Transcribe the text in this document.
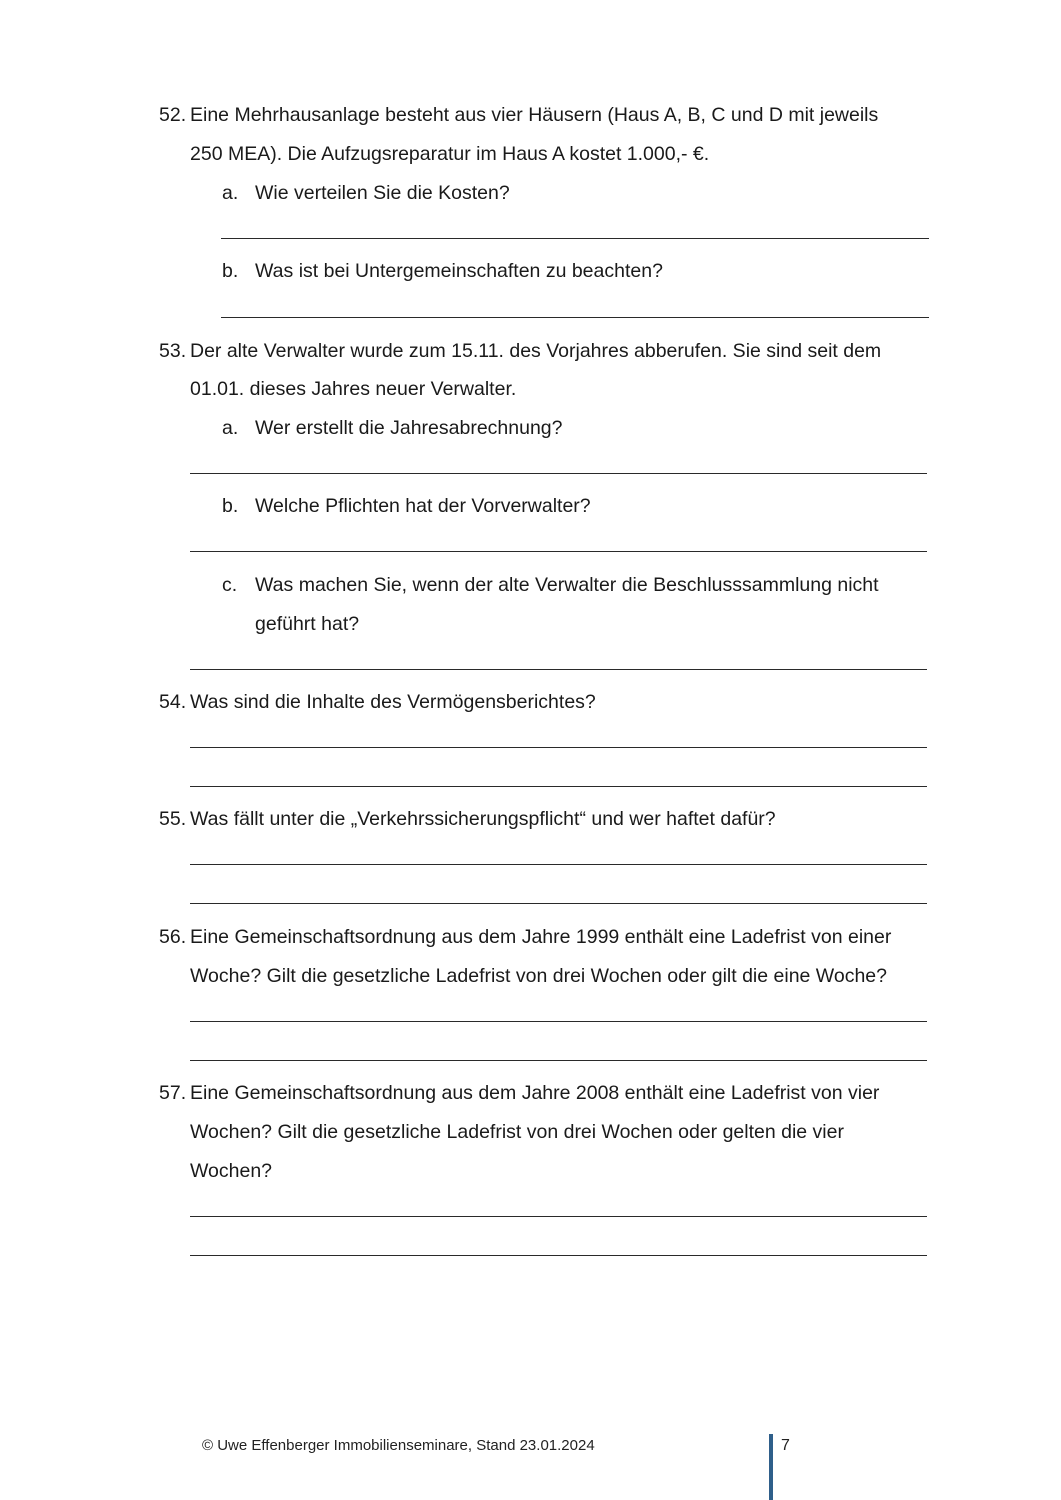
52. Eine Mehrhausanlage besteht aus vier Häusern (Haus A, B, C und D mit jeweils
250 MEA). Die Aufzugsreparatur im Haus A kostet 1.000,- €.
a. Wie verteilen Sie die Kosten?
b. Was ist bei Untergemeinschaften zu beachten?
53. Der alte Verwalter wurde zum 15.11. des Vorjahres abberufen. Sie sind seit dem
01.01. dieses Jahres neuer Verwalter.
a. Wer erstellt die Jahresabrechnung?
b. Welche Pflichten hat der Vorverwalter?
c. Was machen Sie, wenn der alte Verwalter die Beschlusssammlung nicht
geführt hat?
54. Was sind die Inhalte des Vermögensberichtes?
55. Was fällt unter die „Verkehrssicherungspflicht“ und wer haftet dafür?
56. Eine Gemeinschaftsordnung aus dem Jahre 1999 enthält eine Ladefrist von einer
Woche? Gilt die gesetzliche Ladefrist von drei Wochen oder gilt die eine Woche?
57. Eine Gemeinschaftsordnung aus dem Jahre 2008 enthält eine Ladefrist von vier
Wochen? Gilt die gesetzliche Ladefrist von drei Wochen oder gelten die vier
Wochen?
© Uwe Effenberger Immobilienseminare, Stand 23.01.2024	7
